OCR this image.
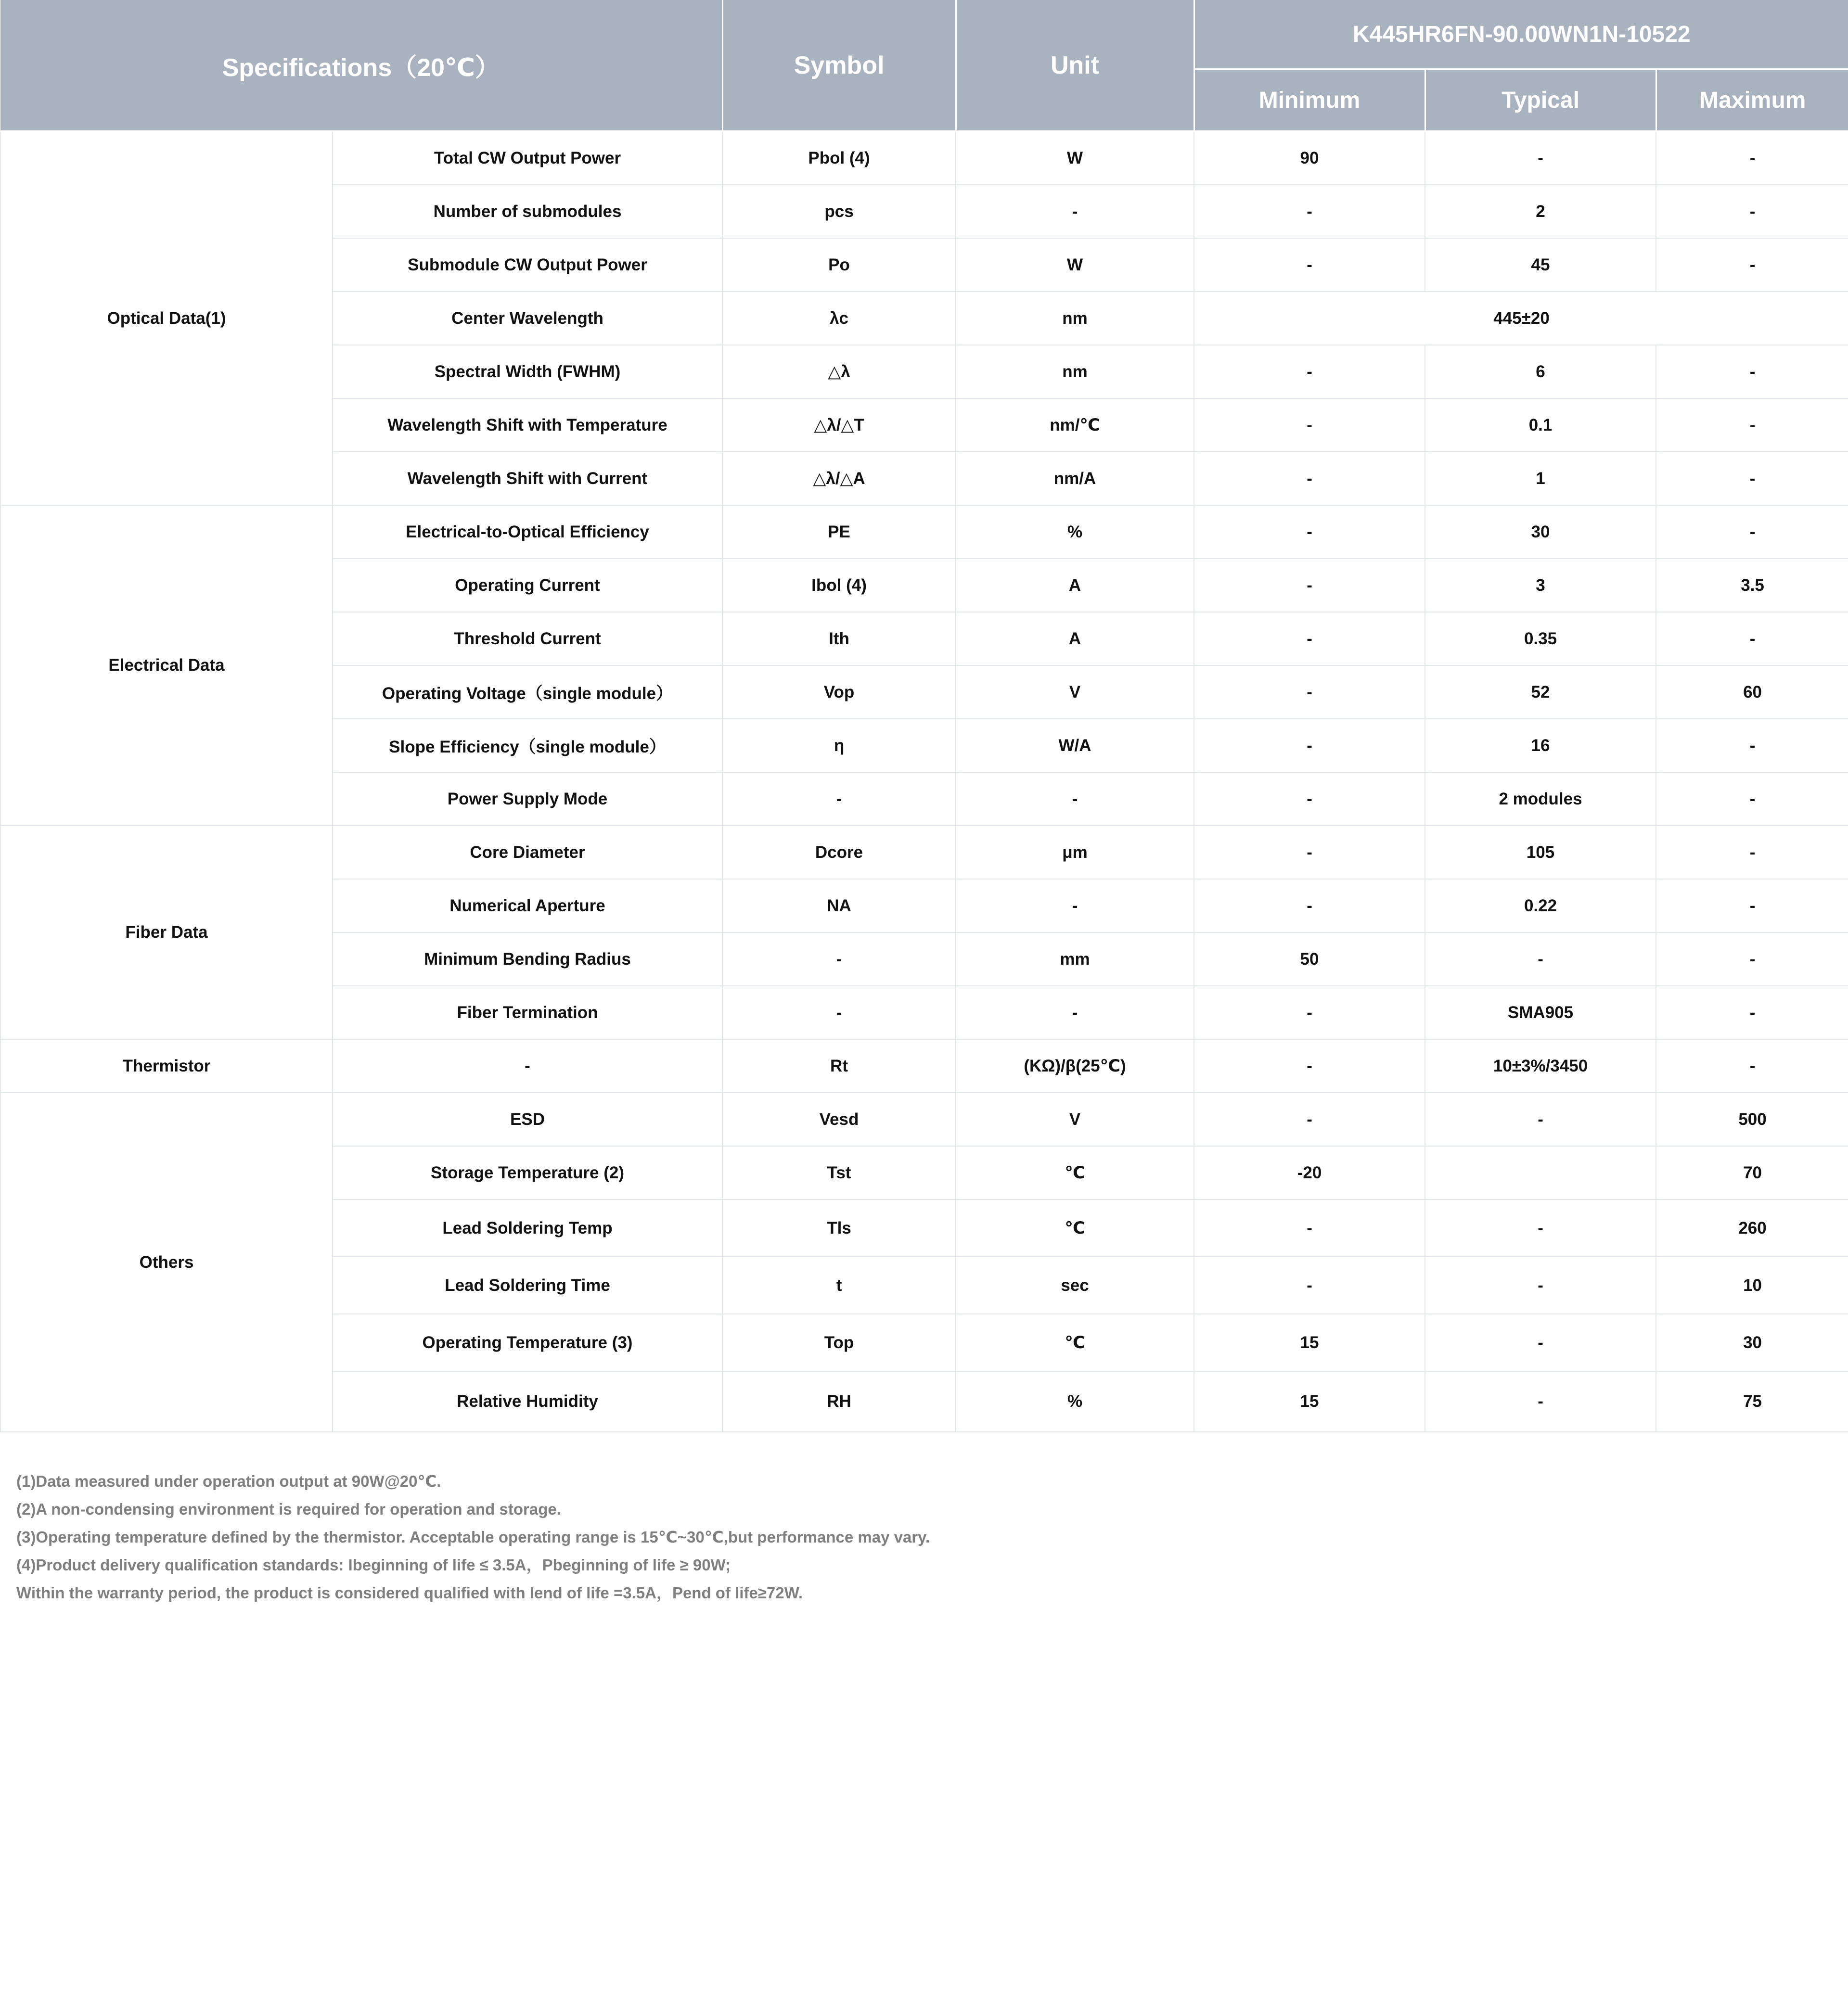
Specifications（20℃）		Symbol	Unit	K445HR6FN-90.00WN1N-10522		
				Minimum	Typical	Maximum
Optical Data(1)	Total CW Output Power	Pbol (4)	W	90	-	-
	Number of submodules	pcs	-	-	2	-
	Submodule CW Output Power	Po	W	-	45	-
	Center Wavelength	λc	nm	445±20		
	Spectral Width (FWHM)	△λ	nm	-	6	-
	Wavelength Shift with Temperature	△λ/△T	nm/℃	-	0.1	-
	Wavelength Shift with Current	△λ/△A	nm/A	-	1	-
Electrical Data	Electrical-to-Optical Efficiency	PE	%	-	30	-
	Operating Current	Ibol (4)	A	-	3	3.5
	Threshold Current	Ith	A	-	0.35	-
	Operating Voltage（single module）	Vop	V	-	52	60
	Slope Efficiency（single module）	η	W/A	-	16	-
	Power Supply Mode	-	-	-	2 modules	-
Fiber Data	Core Diameter	Dcore	μm	-	105	-
	Numerical Aperture	NA	-	-	0.22	-
	Minimum Bending Radius	-	mm	50	-	-
	Fiber Termination	-	-	-	SMA905	-
Thermistor	-	Rt	(KΩ)/β(25℃)	-	10±3%/3450	-
Others	ESD	Vesd	V	-	-	500
	Storage Temperature (2)	Tst	℃	-20		70
	Lead Soldering Temp	Tls	℃	-	-	260
	Lead Soldering Time	t	sec	-	-	10
	Operating Temperature (3)	Top	℃	15	-	30
	Relative Humidity	RH	%	15	-	75
(1)Data measured under operation output at 90W@20℃.
(2)A non-condensing environment is required for operation and storage.
(3)Operating temperature defined by the thermistor. Acceptable operating range is 15℃~30℃,but performance may vary.
(4)Product delivery qualification standards: Ibeginning of life ≤ 3.5A，Pbeginning of life ≥ 90W;
Within the warranty period, the product is considered qualified with Iend of life =3.5A，Pend of life≥72W.
